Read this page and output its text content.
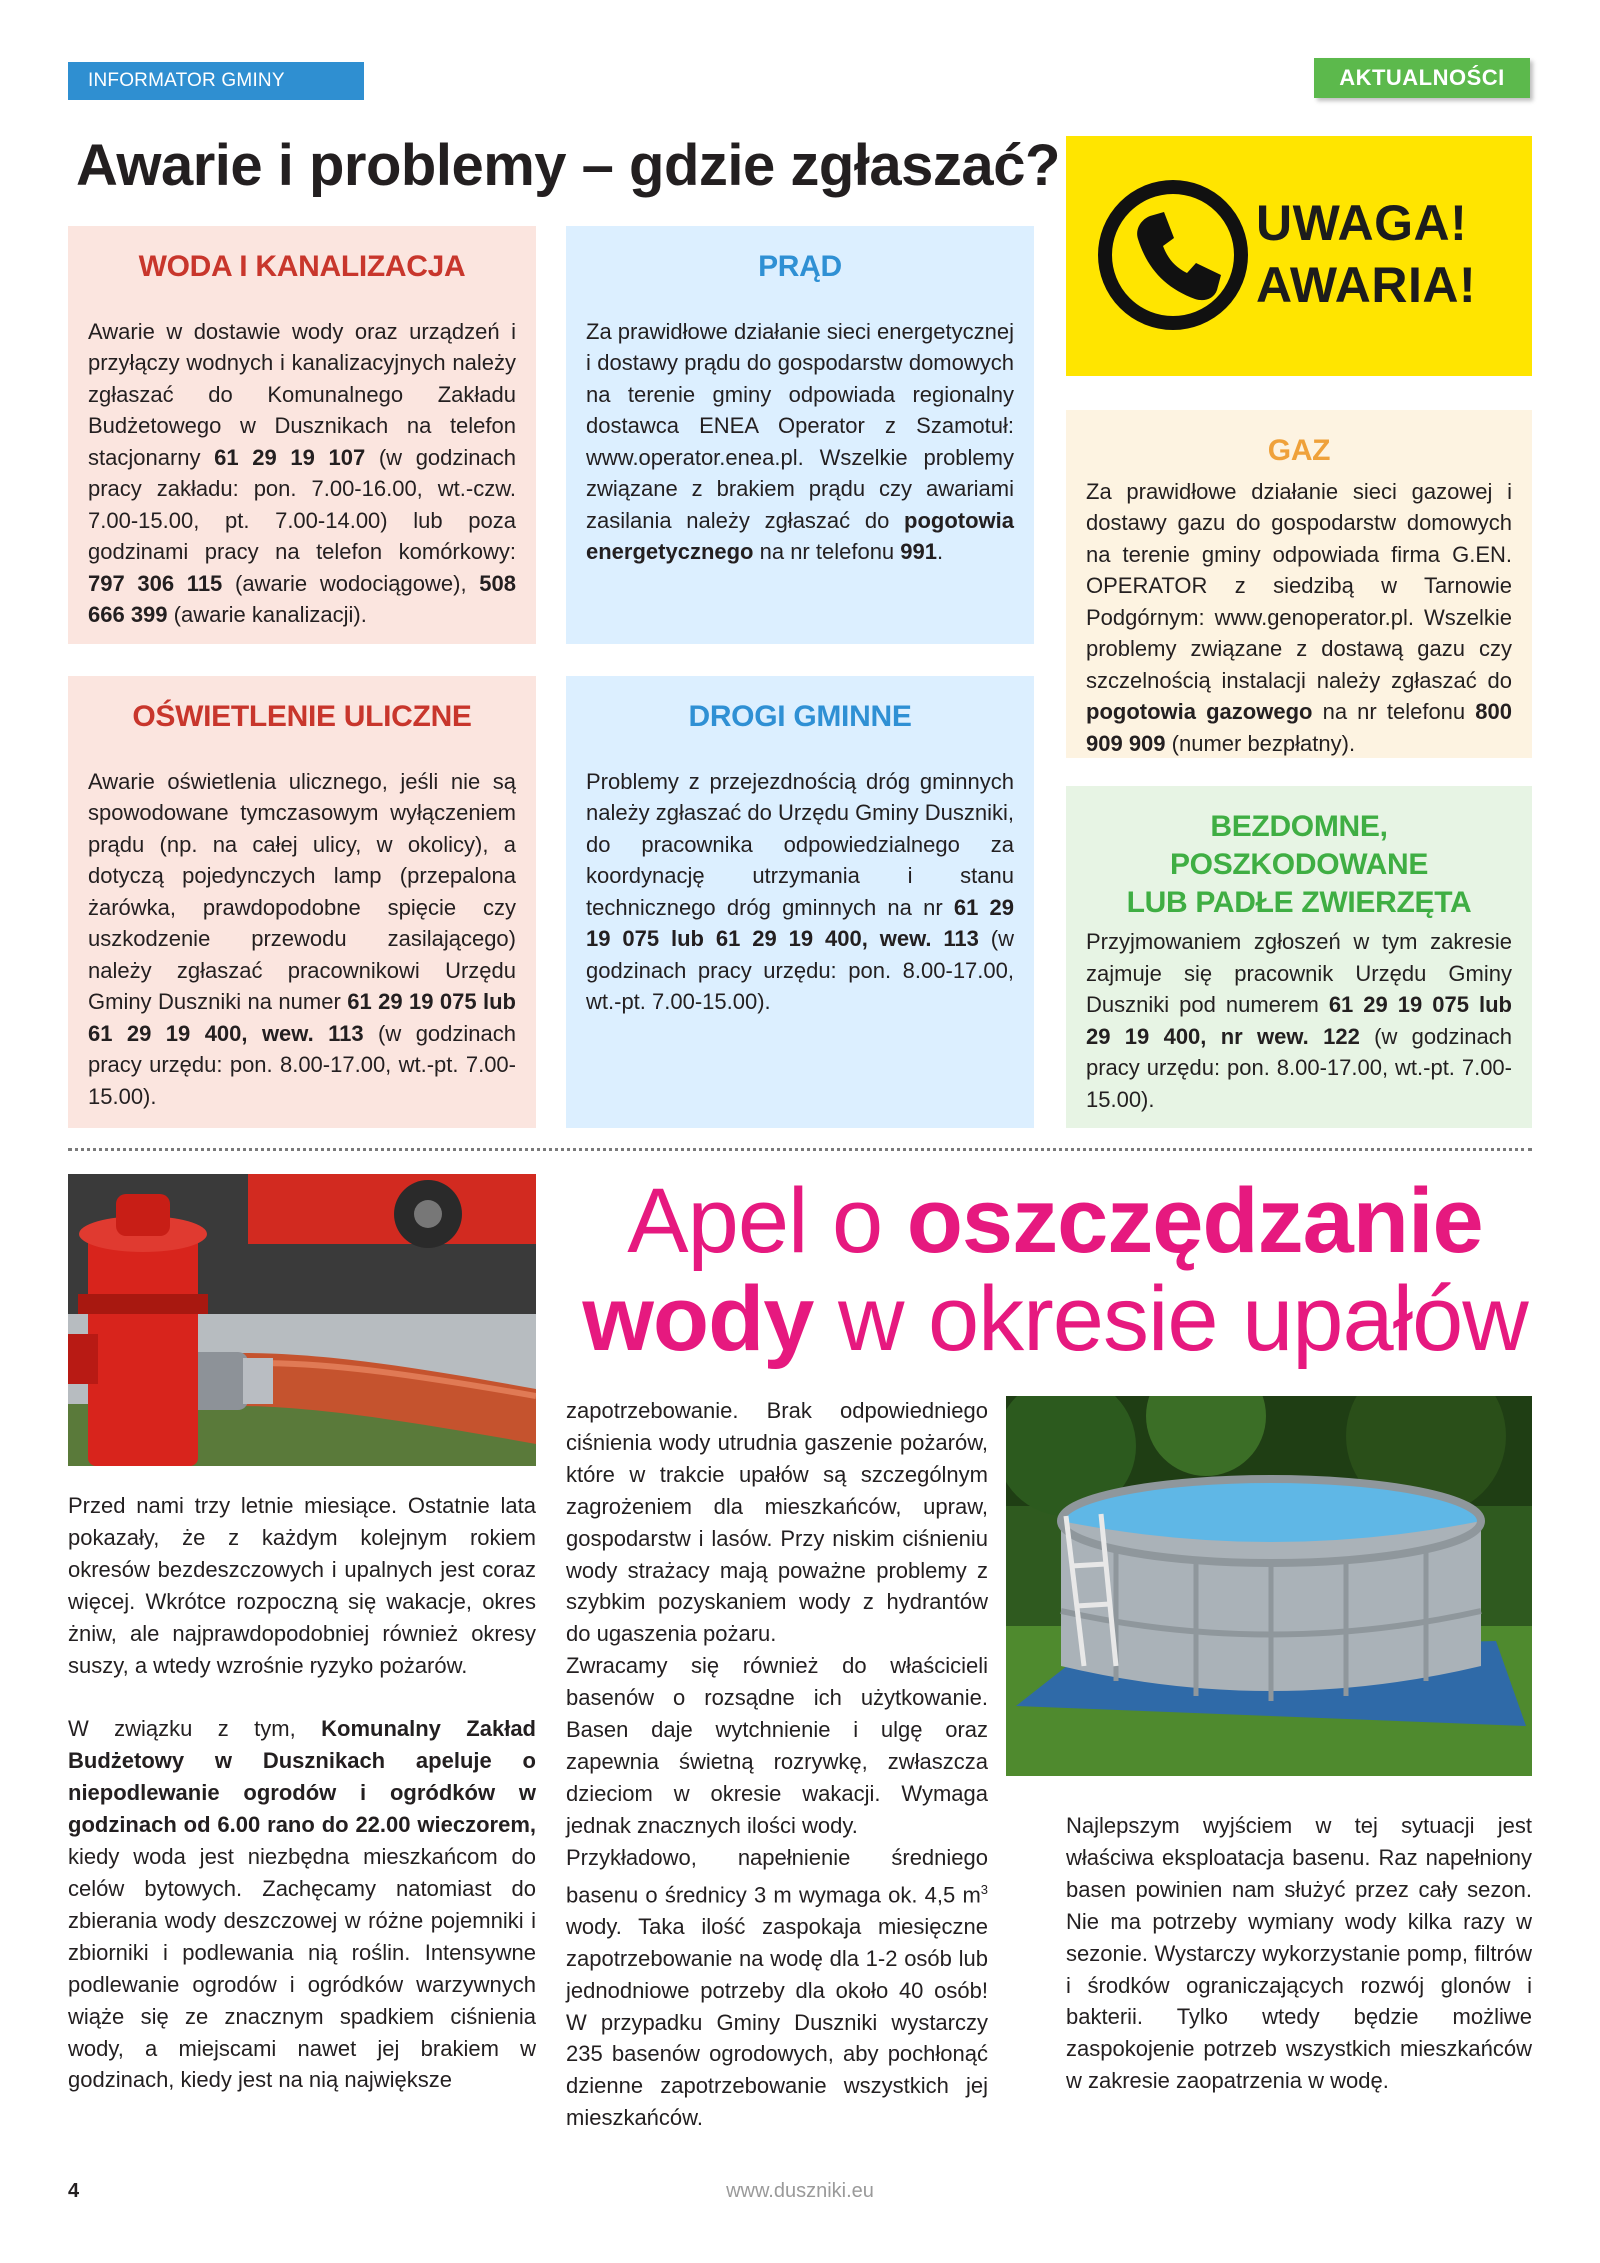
INFORMATOR GMINY DUSZNIKI
AKTUALNOŚCI
Awarie i problemy – gdzie zgłaszać?
UWAGA!
AWARIA!
WODA I KANALIZACJA

Awarie w dostawie wody oraz urządzeń i przyłączy wodnych i kanalizacyjnych należy zgłaszać do Komunalnego Zakładu Budżetowego w Dusznikach na telefon stacjonarny 61 29 19 107 (w godzinach pracy zakładu: pon. 7.00-16.00, wt.-czw. 7.00-15.00, pt. 7.00-14.00) lub poza godzinami pracy na telefon komórkowy: 797 306 115 (awarie wodociągowe), 508 666 399 (awarie kanalizacji).

PRĄD

Za prawidłowe działanie sieci energetycznej i dostawy prądu do gospodarstw domowych na terenie gminy odpowiada regionalny dostawca ENEA Operator z Szamotuł: www.operator.enea.pl. Wszelkie problemy związane z brakiem prądu czy awariami zasilania należy zgłaszać do pogotowia energetycznego na nr telefonu 991.

GAZ

Za prawidłowe działanie sieci gazowej i dostawy gazu do gospodarstw domowych na terenie gminy odpowiada firma G.EN. OPERATOR z siedzibą w Tarnowie Podgórnym: www.genoperator.pl. Wszelkie problemy związane z dostawą gazu czy szczelnością instalacji należy zgłaszać do pogotowia gazowego na nr telefonu 800 909 909 (numer bezpłatny).

OŚWIETLENIE ULICZNE

Awarie oświetlenia ulicznego, jeśli nie są spowodowane tymczasowym wyłączeniem prądu (np. na całej ulicy, w okolicy), a dotyczą pojedynczych lamp (przepalona żarówka, prawdopodobne spięcie czy uszkodzenie przewodu zasilającego) należy zgłaszać pracownikowi Urzędu Gminy Duszniki na numer 61 29 19 075 lub 61 29 19 400, wew. 113 (w godzinach pracy urzędu: pon. 8.00-17.00, wt.-pt. 7.00-15.00).

DROGI GMINNE

Problemy z przejezdnością dróg gminnych należy zgłaszać do Urzędu Gminy Duszniki, do pracownika odpowiedzialnego za koordynację utrzymania i stanu technicznego dróg gminnych na nr 61 29 19 075 lub 61 29 19 400, wew. 113 (w godzinach pracy urzędu: pon. 8.00-17.00, wt.-pt. 7.00-15.00).

BEZDOMNE,
POSZKODOWANE
LUB PADŁE ZWIERZĘTA

Przyjmowaniem zgłoszeń w tym zakresie zajmuje się pracownik Urzędu Gminy Duszniki pod numerem 61 29 19 075 lub 29 19 400, nr wew. 122 (w godzinach pracy urzędu: pon. 8.00-17.00, wt.-pt. 7.00-15.00).

Apel o oszczędzanie
wody w okresie upałów

Przed nami trzy letnie miesiące. Ostatnie lata pokazały, że z każdym kolejnym rokiem okresów bezdeszczowych i upalnych jest coraz więcej. Wkrótce rozpoczną się wakacje, okres żniw, ale najprawdopodobniej również okresy suszy, a wtedy wzrośnie ryzyko pożarów.

W związku z tym, Komunalny Zakład Budżetowy w Dusznikach apeluje o niepodlewanie ogrodów i ogródków w godzinach od 6.00 rano do 22.00 wieczorem, kiedy woda jest niezbędna mieszkańcom do celów bytowych. Zachęcamy natomiast do zbierania wody deszczowej w różne pojemniki i zbiorniki i podlewania nią roślin. Intensywne podlewanie ogrodów i ogródków warzywnych wiąże się ze znacznym spadkiem ciśnienia wody, a miejscami nawet jej brakiem w godzinach, kiedy jest na nią największe

zapotrzebowanie. Brak odpowiedniego ciśnienia wody utrudnia gaszenie pożarów, które w trakcie upałów są szczególnym zagrożeniem dla mieszkańców, upraw, gospodarstw i lasów. Przy niskim ciśnieniu wody strażacy mają poważne problemy z szybkim pozyskaniem wody z hydrantów do ugaszenia pożaru.
Zwracamy się również do właścicieli basenów o rozsądne ich użytkowanie. Basen daje wytchnienie i ulgę oraz zapewnia świetną rozrywkę, zwłaszcza dzieciom w okresie wakacji. Wymaga jednak znacznych ilości wody.
Przykładowo, napełnienie średniego basenu o średnicy 3 m wymaga ok. 4,5 $m^3$ wody. Taka ilość zaspokaja miesięczne zapotrzebowanie na wodę dla 1-2 osób lub jednodniowe potrzeby dla około 40 osób! W przypadku Gminy Duszniki wystarczy 235 basenów ogrodowych, aby pochłonąć dzienne zapotrzebowanie wszystkich jej mieszkańców.
Najlepszym wyjściem w tej sytuacji jest właściwa eksploatacja basenu. Raz napełniony basen powinien nam służyć przez cały sezon. Nie ma potrzeby wymiany wody kilka razy w sezonie. Wystarczy wykorzystanie pomp, filtrów i środków ograniczających rozwój glonów i bakterii. Tylko wtedy będzie możliwe zaspokojenie potrzeb wszystkich mieszkańców w zakresie zaopatrzenia w wodę.
4	www.duszniki.eu
